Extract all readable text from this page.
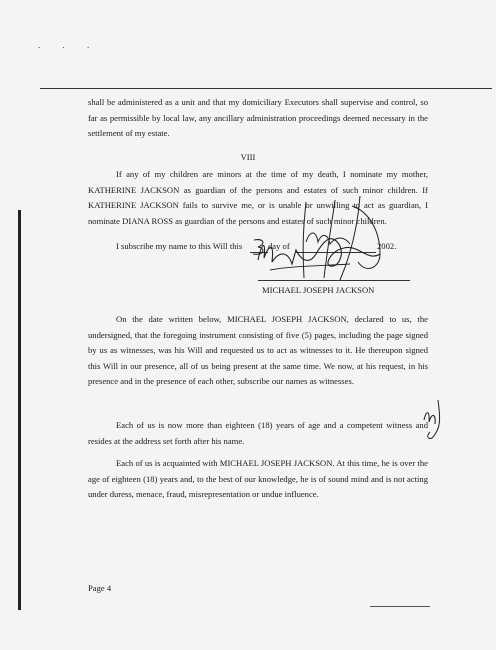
. . .

shall be administered as a unit and that my domiciliary Executors shall supervise and control, so far as permissible by local law, any ancillary administration proceedings deemed necessary in the settlement of my estate.

VIII

If any of my children are minors at the time of my death, I nominate my mother, KATHERINE JACKSON as guardian of the persons and estates of such minor children. If KATHERINE JACKSON fails to survive me, or is unable or unwilling to act as guardian, I nominate DIANA ROSS as guardian of the persons and estates of such minor children.

I subscribe my name to this Will this	day of	2002.
MICHAEL JOSEPH JACKSON

On the date written below, MICHAEL JOSEPH JACKSON, declared to us, the undersigned, that the foregoing instrument consisting of five (5) pages, including the page signed by us as witnesses, was his Will and requested us to act as witnesses to it. He thereupon signed this Will in our presence, all of us being present at the same time. We now, at his request, in his presence and in the presence of each other, subscribe our names as witnesses.

Each of us is now more than eighteen (18) years of age and a competent witness and resides at the address set forth after his name.

Each of us is acquainted with MICHAEL JOSEPH JACKSON. At this time, he is over the age of eighteen (18) years and, to the best of our knowledge, he is of sound mind and is not acting under duress, menace, fraud, misrepresentation or undue influence.

Page 4
